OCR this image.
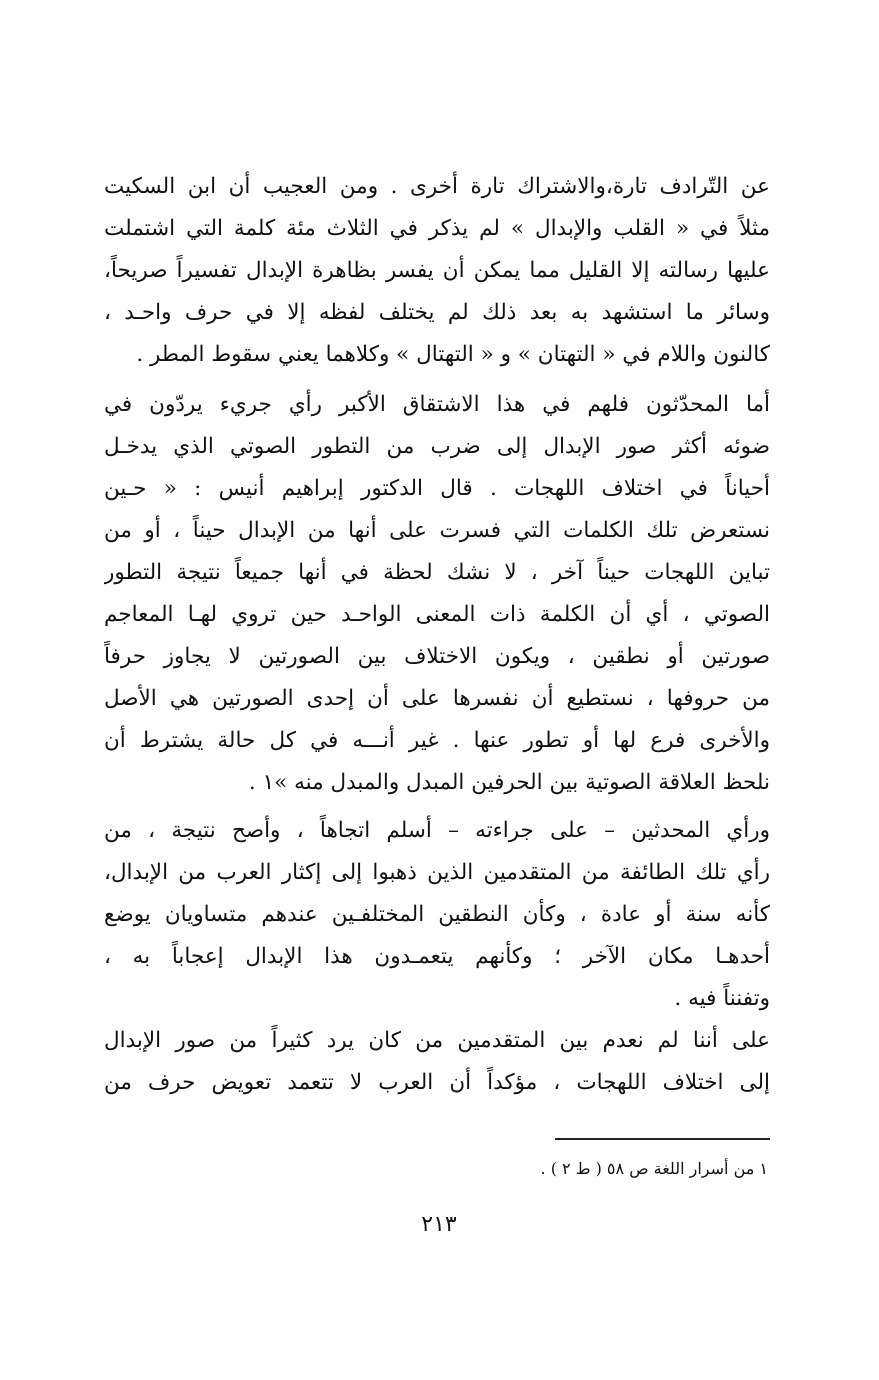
عن التّرادف تارة،والاشتراك تارة أخرى . ومن العجيب أن ابن السكيت
مثلاً في « القلب والإبدال » لم يذكر في الثلاث مئة كلمة التي اشتملت
عليها رسالته إلا القليل مما يمكن أن يفسر بظاهرة الإبدال تفسيراً صريحاً،
وسائر ما استشهد به بعد ذلك لم يختلف لفظه إلا في حرف واحـد ،
كالنون واللام في « التهتان » و « التهتال » وكلاهما يعني سقوط المطر .
أما المحدّثون فلهم في هذا الاشتقاق الأكبر رأي جريء يردّون في
ضوئه أكثر صور الإبدال إلى ضرب من التطور الصوتي الذي يدخـل
أحياناً في اختلاف اللهجات . قال الدكتور إبراهيم أنيس : « حـين
نستعرض تلك الكلمات التي فسرت على أنها من الإبدال حيناً ، أو من
تباين اللهجات حيناً آخر ، لا نشك لحظة في أنها جميعاً نتيجة التطور
الصوتي ، أي أن الكلمة ذات المعنى الواحـد حين تروي لهـا المعاجم
صورتين أو نطقين ، ويكون الاختلاف بين الصورتين لا يجاوز حرفاً
من حروفها ، نستطيع أن نفسرها على أن إحدى الصورتين هي الأصل
والأخرى فرع لها أو تطور عنها . غير أنـــه في كل حالة يشترط أن
نلحظ العلاقة الصوتية بين الحرفين المبدل والمبدل منه »١ .
ورأي المحدثين – على جراءته – أسلم اتجاهاً ، وأصح نتيجة ، من
رأي تلك الطائفة من المتقدمين الذين ذهبوا إلى إكثار العرب من الإبدال،
كأنه سنة أو عادة ، وكأن النطقين المختلفـين عندهم متساويان يوضع
أحدهـا مكان الآخر ؛ وكأنهم يتعمـدون هذا الإبدال إعجاباً به ،
وتفنناً فيه .
على أننا لم نعدم بين المتقدمين من كان يرد كثيراً من صور الإبدال
إلى اختلاف اللهجات ، مؤكداً أن العرب لا تتعمد تعويض حرف من
١ من أسرار اللغة ص ٥٨ ( ط ٢ ) .
٢١٣
